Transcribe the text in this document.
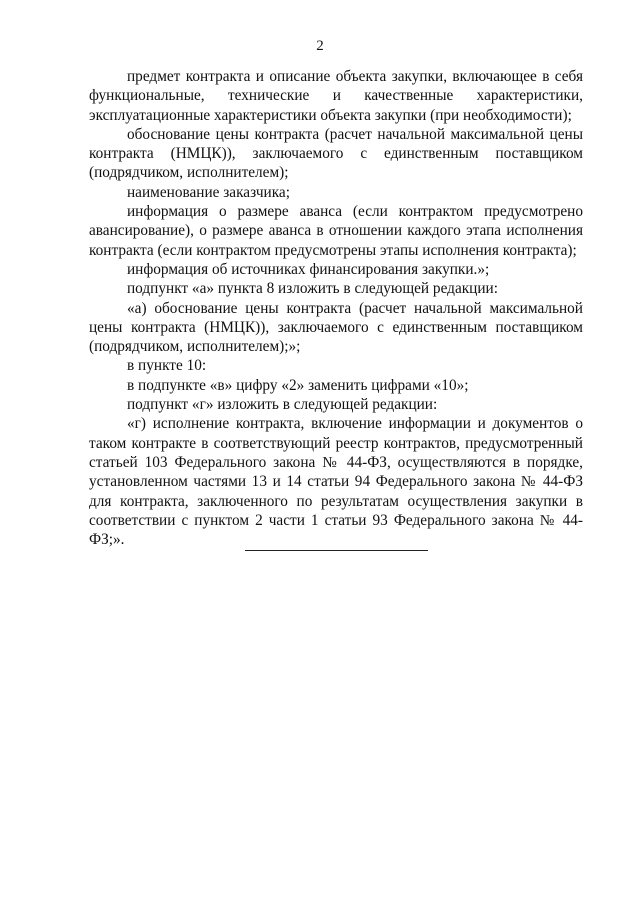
2

предмет контракта и описание объекта закупки, включающее в себя функциональные, технические и качественные характеристики, эксплуатационные характеристики объекта закупки (при необходимости);

обоснование цены контракта (расчет начальной максимальной цены контракта (НМЦК)), заключаемого с единственным поставщиком (подрядчиком, исполнителем);

наименование заказчика;

информация о размере аванса (если контрактом предусмотрено авансирование), о размере аванса в отношении каждого этапа исполнения контракта (если контрактом предусмотрены этапы исполнения контракта);

информация об источниках финансирования закупки.»;

подпункт «а» пункта 8 изложить в следующей редакции:

«а) обоснование цены контракта (расчет начальной максимальной цены контракта (НМЦК)), заключаемого с единственным поставщиком (подрядчиком, исполнителем);»;

в пункте 10:

в подпункте «в» цифру «2» заменить цифрами «10»;

подпункт «г» изложить в следующей редакции:

«г) исполнение контракта, включение информации и документов о таком контракте в соответствующий реестр контрактов, предусмотренный статьей 103 Федерального закона № 44-ФЗ, осуществляются в порядке, установленном частями 13 и 14 статьи 94 Федерального закона № 44-ФЗ для контракта, заключенного по результатам осуществления закупки в соответствии с пунктом 2 части 1 статьи 93 Федерального закона № 44-ФЗ;».
